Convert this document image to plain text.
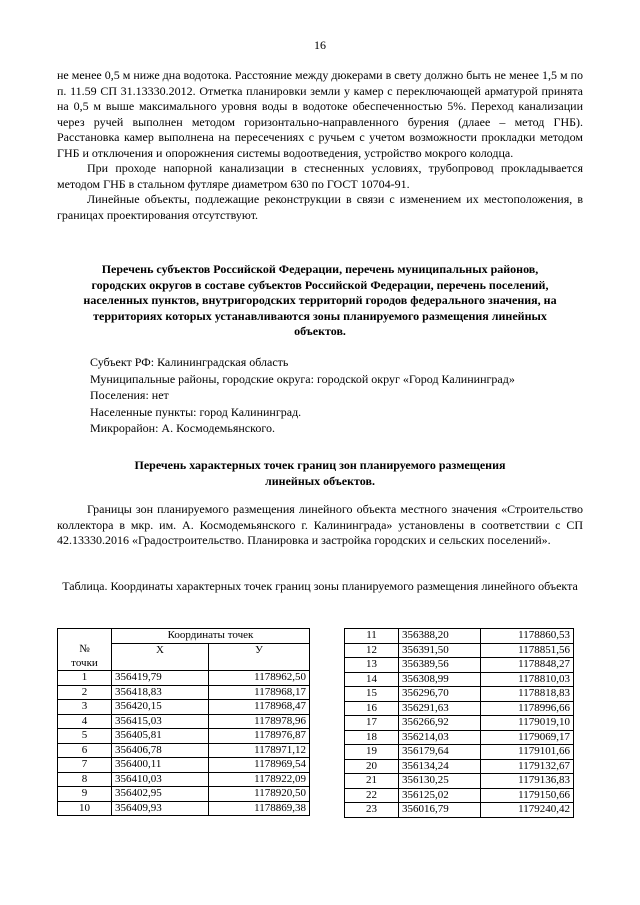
16

не менее 0,5 м ниже дна водотока. Расстояние между дюкерами в свету должно быть не менее 1,5 м по п. 11.59 СП 31.13330.2012. Отметка планировки земли у камер с переключающей арматурой принята на 0,5 м выше максимального уровня воды в водотоке обеспеченностью 5%. Переход канализации через ручей выполнен методом горизонтально-направленного бурения (длаее – метод ГНБ). Расстановка камер выполнена на пересечениях с ручьем с учетом возможности прокладки методом ГНБ и отключения и опорожнения системы водоотведения, устройство мокрого колодца.

При проходе напорной канализации в стесненных условиях, трубопровод прокладывается методом ГНБ в стальном футляре диаметром 630 по ГОСТ 10704-91.

Линейные объекты, подлежащие реконструкции в связи с изменением их местоположения, в границах проектирования отсутствуют.

Перечень субъектов Российской Федерации, перечень муниципальных районов, городских округов в составе субъектов Российской Федерации, перечень поселений, населенных пунктов, внутригородских территорий городов федерального значения, на территориях которых устанавливаются зоны планируемого размещения линейных объектов.
Субъект РФ: Калининградская область
Муниципальные районы, городские округа: городской округ «Город Калининград»
Поселения: нет
Населенные пункты: город Калининград.
Микрорайон: А. Космодемьянского.
Перечень характерных точек границ зон планируемого размещения линейных объектов.
Границы зон планируемого размещения линейного объекта местного значения «Строительство коллектора в мкр. им. А. Космодемьянского г. Калининграда» установлены в соответствии с СП 42.13330.2016 «Градостроительство. Планировка и застройка городских и сельских поселений».
Таблица. Координаты характерных точек границ зоны планируемого размещения линейного объекта
	Координаты точек	
№	X	У
точки		
1	356419,79	1178962,50
2	356418,83	1178968,17
3	356420,15	1178968,47
4	356415,03	1178978,96
5	356405,81	1178976,87
6	356406,78	1178971,12
7	356400,11	1178969,54
8	356410,03	1178922,09
9	356402,95	1178920,50
10	356409,93	1178869,38
11	356388,20	1178860,53
12	356391,50	1178851,56
13	356389,56	1178848,27
14	356308,99	1178810,03
15	356296,70	1178818,83
16	356291,63	1178996,66
17	356266,92	1179019,10
18	356214,03	1179069,17
19	356179,64	1179101,66
20	356134,24	1179132,67
21	356130,25	1179136,83
22	356125,02	1179150,66
23	356016,79	1179240,42
